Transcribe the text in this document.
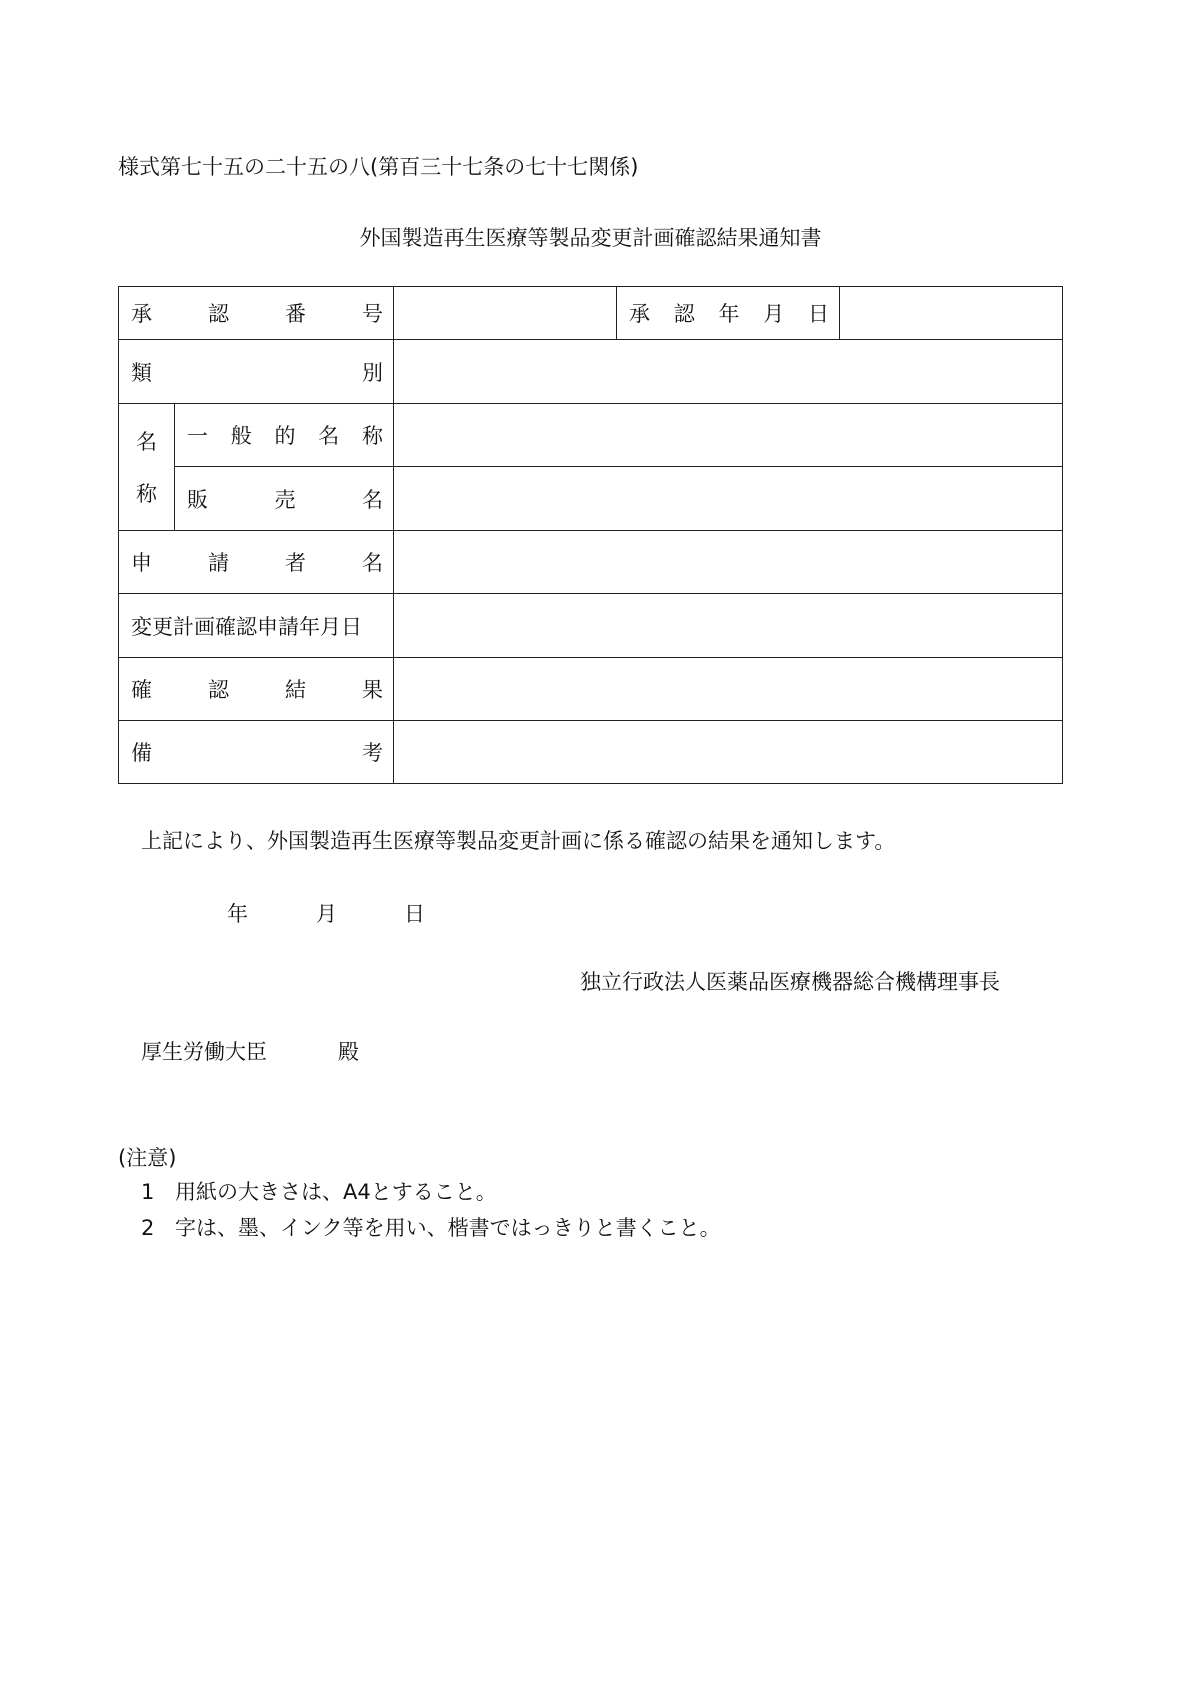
様式第七十五の二十五の八(第百三十七条の七十七関係)
外国製造再生医療等製品変更計画確認結果通知書
承 認 番 号			承 認 年 月 日	

類 別				

名
称	一 般 的 名 称			

	販 売 名			

申 請 者 名				

変更計画確認申請年月日				

確 認 結 果				

備 考				

上記により、外国製造再生医療等製品変更計画に係る確認の結果を通知します。
年	月	日
独立行政法人医薬品医療機器総合機構理事長
厚生労働大臣	殿
(注意)
1 用紙の大きさは、A4とすること。
2 字は、墨、インク等を用い、楷書ではっきりと書くこと。
